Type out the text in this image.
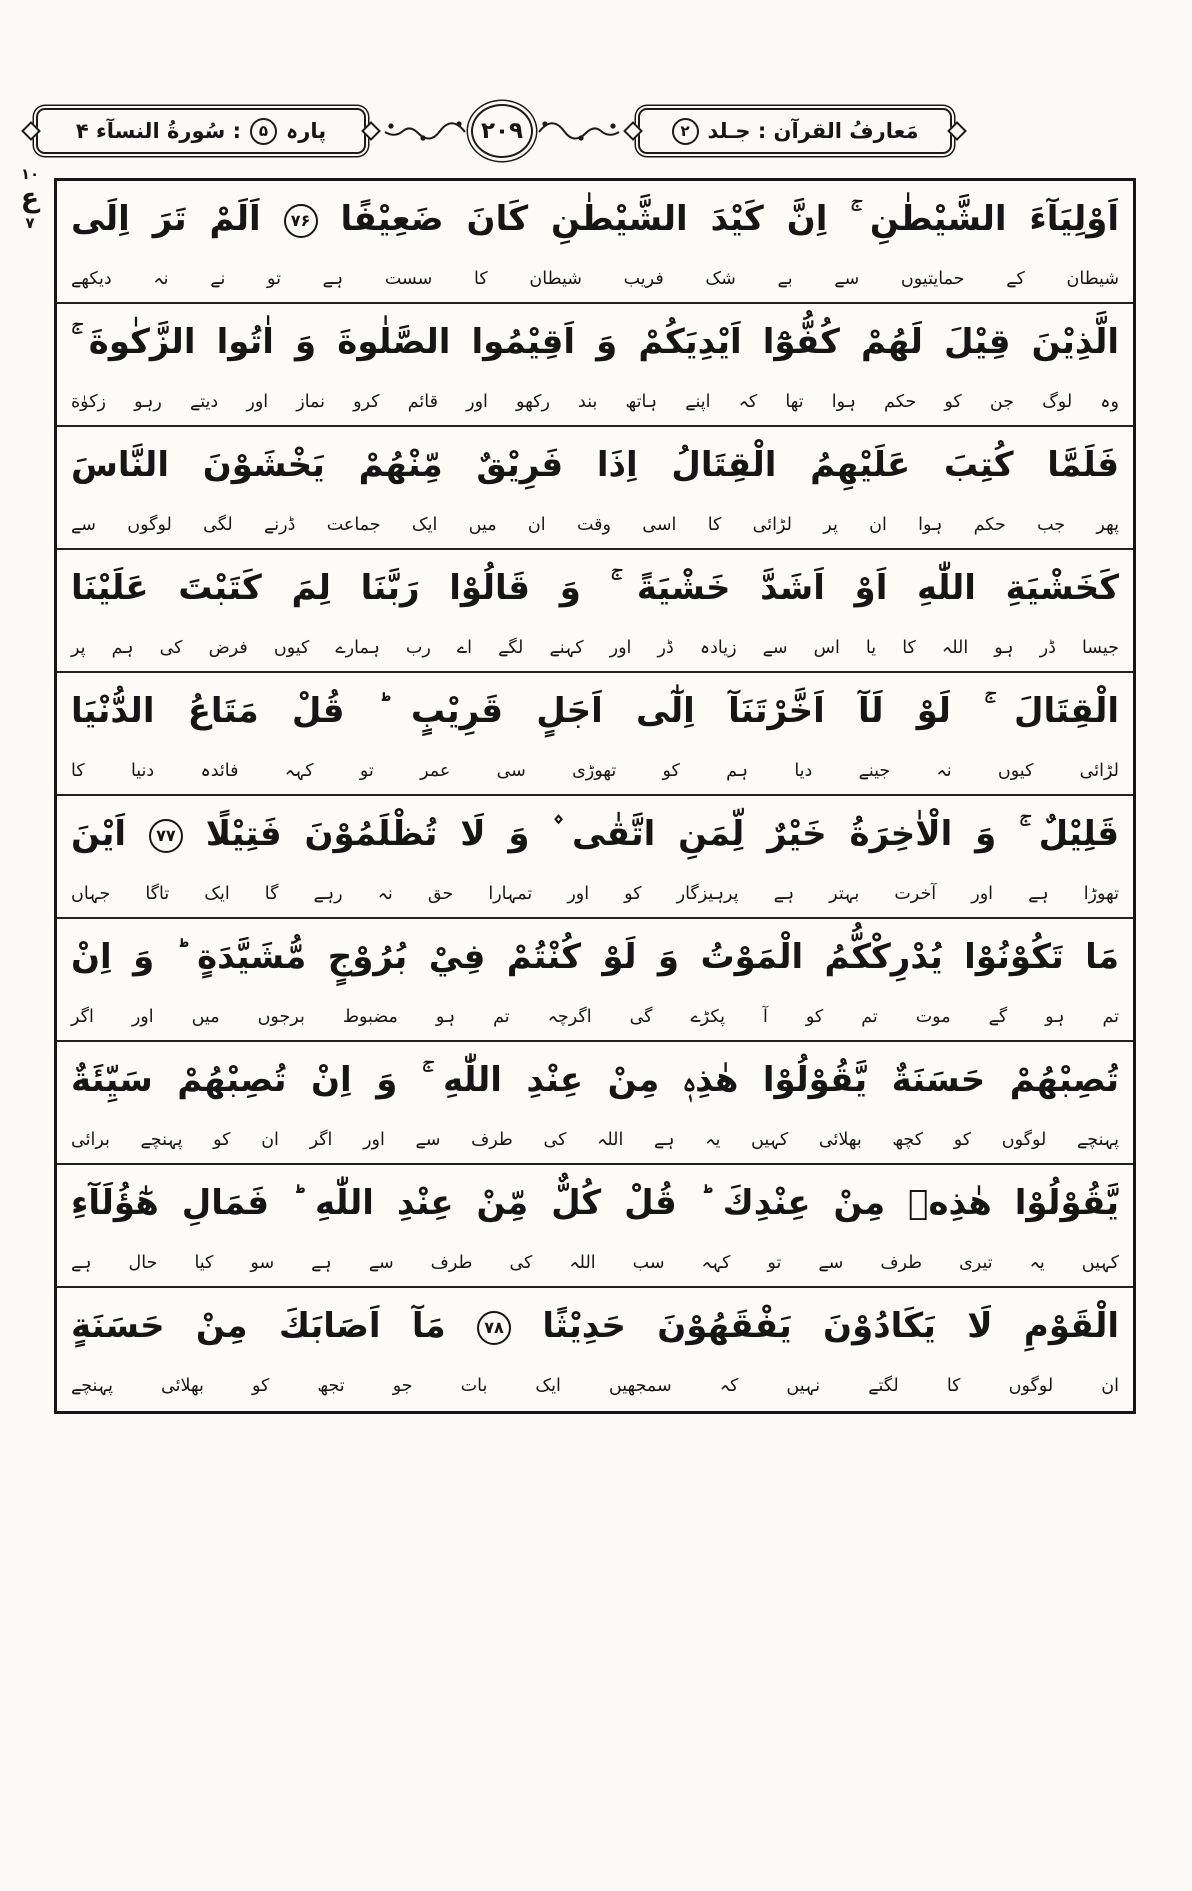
مَعارفُ القرآن : جـلد
۲
۲۰۹
پارہ
۵
: سُورةُ النسآء ۴
۱۰
ع
۷	اَوْلِيَآءَ الشَّيْطٰنِ ۚ اِنَّ كَيْدَ الشَّيْطٰنِ كَانَ ضَعِيْفًا ۷۶ اَلَمْ تَرَ اِلَى
شیطان کے حمایتیوں سے بے شک فریب شیطان کا سست ہے تو نے نہ دیکھے
الَّذِيْنَ قِيْلَ لَهُمْ كُفُّوْٓا اَيْدِيَكُمْ وَ اَقِيْمُوا الصَّلٰوةَ وَ اٰتُوا الزَّكٰوةَ ۚ
وہ لوگ جن کو حکم ہوا تھا کہ اپنے ہاتھ بند رکھو اور قائم کرو نماز اور دیتے رہو زکوٰة
فَلَمَّا كُتِبَ عَلَيْهِمُ الْقِتَالُ اِذَا فَرِيْقٌ مِّنْهُمْ يَخْشَوْنَ النَّاسَ
پھر جب حکم ہوا ان پر لڑائی کا اسی وقت ان میں ایک جماعت ڈرنے لگی لوگوں سے
كَخَشْيَةِ اللّٰهِ اَوْ اَشَدَّ خَشْيَةً ۚ وَ قَالُوْا رَبَّنَا لِمَ كَتَبْتَ عَلَيْنَا
جیسا ڈر ہو اللہ کا یا اس سے زیادہ ڈر اور کہنے لگے اے رب ہمارے کیوں فرض کی ہم پر
الْقِتَالَ ۚ لَوْ لَآ اَخَّرْتَنَآ اِلٰٓى اَجَلٍ قَرِيْبٍ ؕ قُلْ مَتَاعُ الدُّنْيَا
لڑائی کیوں نہ جینے دیا ہم کو تھوڑی سی عمر تو کہہ فائدہ دنیا کا
قَلِيْلٌ ۚ وَ الْاٰخِرَةُ خَيْرٌ لِّمَنِ اتَّقٰى ۫ وَ لَا تُظْلَمُوْنَ فَتِيْلًا ۷۷ اَيْنَ
تھوڑا ہے اور آخرت بہتر ہے پرہیزگار کو اور تمہارا حق نہ رہے گا ایک تاگا جہاں
مَا تَكُوْنُوْا يُدْرِكْكُّمُ الْمَوْتُ وَ لَوْ كُنْتُمْ فِيْ بُرُوْجٍ مُّشَيَّدَةٍ ؕ وَ اِنْ
تم ہو گے موت تم کو آ پکڑے گی اگرچہ تم ہو مضبوط برجوں میں اور اگر
تُصِبْهُمْ حَسَنَةٌ يَّقُوْلُوْا هٰذِهٖ مِنْ عِنْدِ اللّٰهِ ۚ وَ اِنْ تُصِبْهُمْ سَيِّئَةٌ
پہنچے لوگوں کو کچھ بھلائی کہیں یہ ہے اللہ کی طرف سے اور اگر ان کو پہنچے برائی
يَّقُوْلُوْا هٰذِهٖ مِنْ عِنْدِكَ ؕ قُلْ كُلٌّ مِّنْ عِنْدِ اللّٰهِ ؕ فَمَالِ هٰٓؤُلَآءِ
کہیں یہ تیری طرف سے تو کہہ سب اللہ کی طرف سے ہے سو کیا حال ہے
الْقَوْمِ لَا يَكَادُوْنَ يَفْقَهُوْنَ حَدِيْثًا ۷۸ مَآ اَصَابَكَ مِنْ حَسَنَةٍ
ان لوگوں کا لگتے نہیں کہ سمجھیں ایک بات جو تجھ کو بھلائی پہنچے
